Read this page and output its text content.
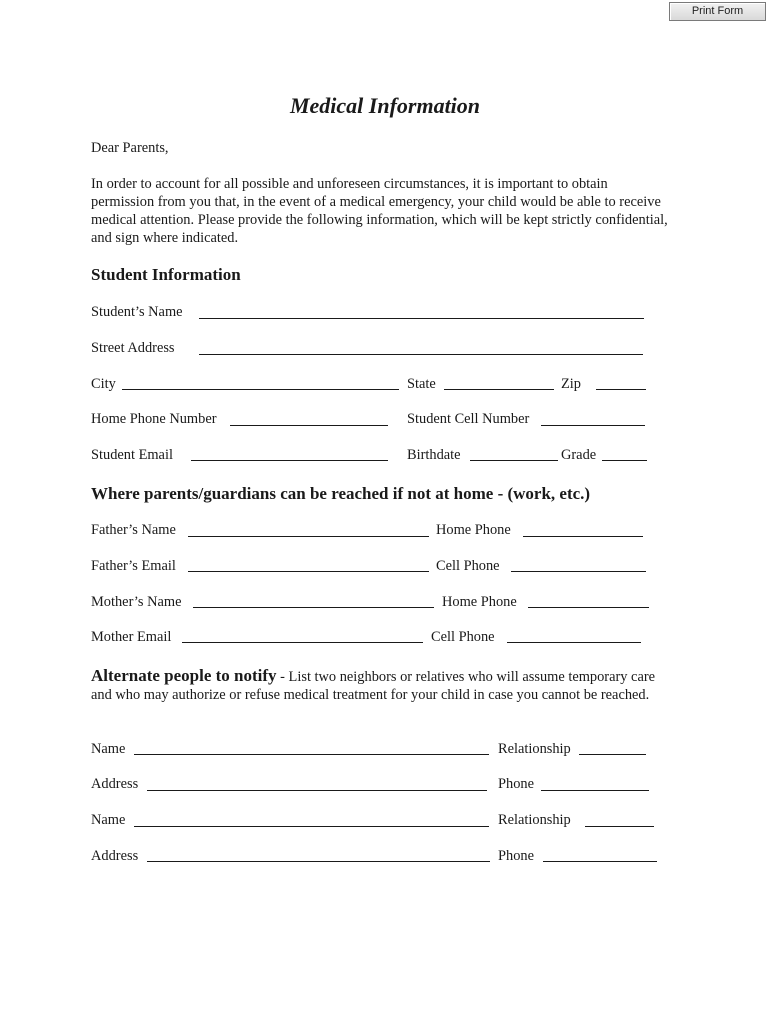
Print Form
Medical Information
Dear Parents,

In order to account for all possible and unforeseen circumstances, it is important to obtain permission from you that, in the event of a medical emergency, your child would be able to receive medical attention. Please provide the following information, which will be kept strictly confidential, and sign where indicated.

Student Information
Student’s Name
Street Address
City	State	Zip
Home Phone Number	Student Cell Number
Student Email	Birthdate	Grade
Where parents/guardians can be reached if not at home - (work, etc.)
Father’s Name	Home Phone
Father’s Email	Cell Phone
Mother’s Name	Home Phone
Mother Email	Cell Phone

Alternate people to notify - List two neighbors or relatives who will assume temporary care and who may authorize or refuse medical treatment for your child in case you cannot be reached.

Name	Relationship
Address	Phone
Name	Relationship
Address	Phone
